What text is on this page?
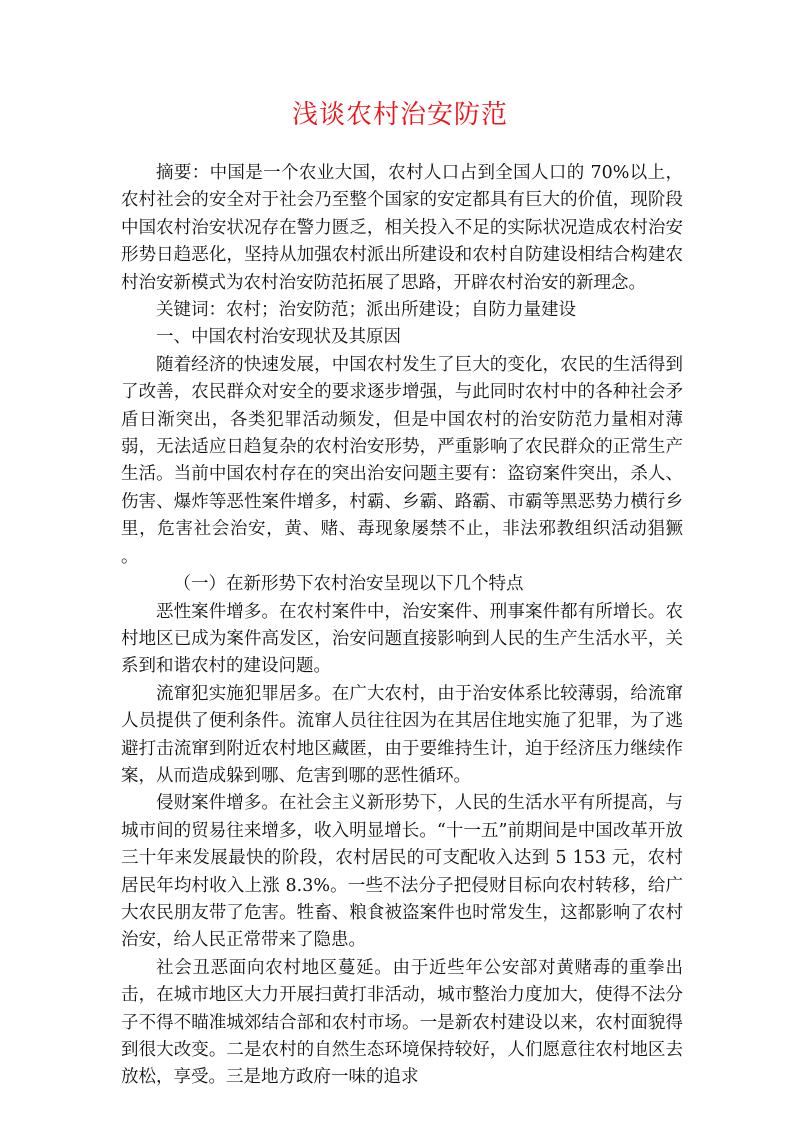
浅谈农村治安防范

摘要：中国是一个农业大国，农村人口占到全国人口的 70%以上，农村社会的安全对于社会乃至整个国家的安定都具有巨大的价值，现阶段中国农村治安状况存在警力匮乏，相关投入不足的实际状况造成农村治安形势日趋恶化，坚持从加强农村派出所建设和农村自防建设相结合构建农村治安新模式为农村治安防范拓展了思路，开辟农村治安的新理念。

关键词：农村；治安防范；派出所建设；自防力量建设

一、中国农村治安现状及其原因

随着经济的快速发展，中国农村发生了巨大的变化，农民的生活得到了改善，农民群众对安全的要求逐步增强，与此同时农村中的各种社会矛盾日渐突出，各类犯罪活动频发，但是中国农村的治安防范力量相对薄弱，无法适应日趋复杂的农村治安形势，严重影响了农民群众的正常生产生活。当前中国农村存在的突出治安问题主要有：盗窃案件突出，杀人、伤害、爆炸等恶性案件增多，村霸、乡霸、路霸、市霸等黑恶势力横行乡里，危害社会治安，黄、赌、毒现象屡禁不止，非法邪教组织活动猖獗 。

（一）在新形势下农村治安呈现以下几个特点

恶性案件增多。在农村案件中，治安案件、刑事案件都有所增长。农村地区已成为案件高发区，治安问题直接影响到人民的生产生活水平，关系到和谐农村的建设问题。

流窜犯实施犯罪居多。在广大农村，由于治安体系比较薄弱，给流窜人员提供了便利条件。流窜人员往往因为在其居住地实施了犯罪，为了逃避打击流窜到附近农村地区藏匿，由于要维持生计，迫于经济压力继续作案，从而造成躲到哪、危害到哪的恶性循环。

侵财案件增多。在社会主义新形势下，人民的生活水平有所提高，与城市间的贸易往来增多，收入明显增长。“十一五”前期间是中国改革开放三十年来发展最快的阶段，农村居民的可支配收入达到 5 153 元，农村居民年均村收入上涨 8.3%。一些不法分子把侵财目标向农村转移，给广大农民朋友带了危害。牲畜、粮食被盗案件也时常发生，这都影响了农村治安，给人民正常带来了隐患。

社会丑恶面向农村地区蔓延。由于近些年公安部对黄赌毒的重拳出击，在城市地区大力开展扫黄打非活动，城市整治力度加大，使得不法分子不得不瞄准城郊结合部和农村市场。一是新农村建设以来，农村面貌得到很大改变。二是农村的自然生态环境保持较好，人们愿意往农村地区去放松，享受。三是地方政府一味的追求
